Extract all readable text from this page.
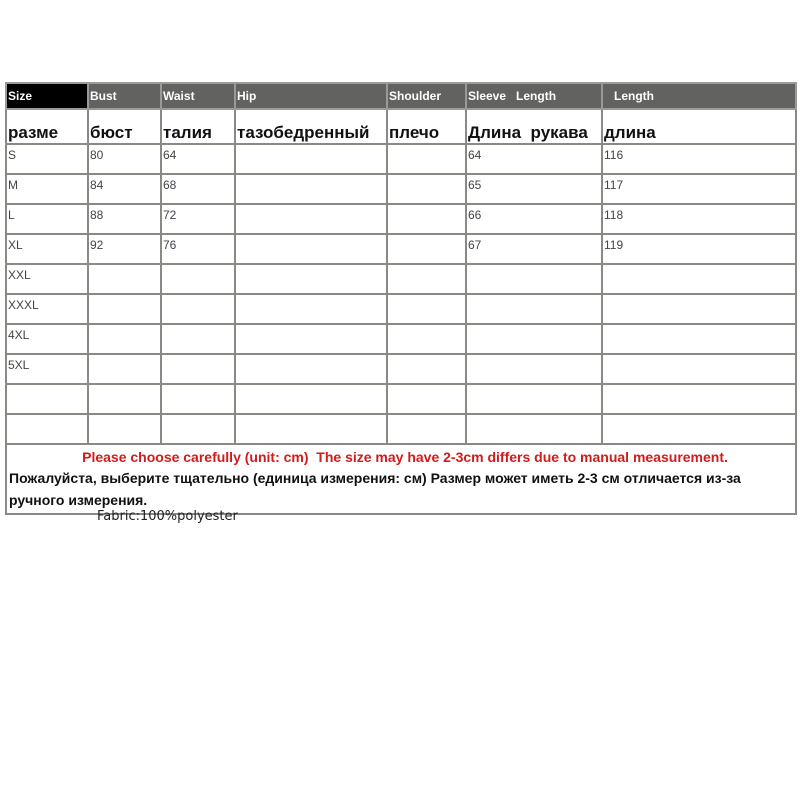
Size	Bust	Waist	Hip	Shoulder	Sleeve   Length	Length
разме	бюст	талия	тазобедренный	плечо	Длина  рукава	длина
S	80	64			64	116
M	84	68			65	117
L	88	72			66	118
XL	92	76			67	119
XXL						
XXXL						
4XL						
5XL						

Please choose carefully (unit: cm)  The size may have 2-3cm differs due to manual measurement.
Пожалуйста, выберите тщательно (единица измерения: см) Размер может иметь 2-3 см отличается из-за ручного измерения.						
Fabric:100%polyester
